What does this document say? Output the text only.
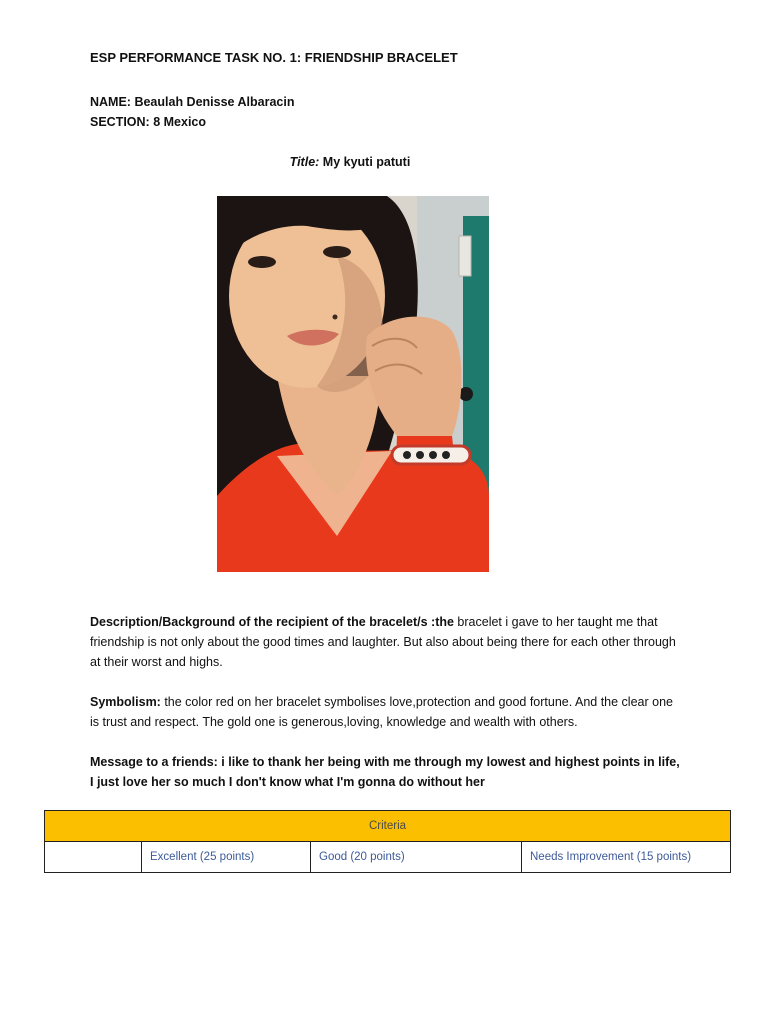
ESP PERFORMANCE TASK NO. 1: FRIENDSHIP BRACELET
NAME: Beaulah Denisse Albaracin
SECTION: 8 Mexico
Title: My kyuti patuti
Description/Background of the recipient of the bracelet/s :the bracelet i gave to her taught me that friendship is not only about the good times and laughter. But also about being there for each other through at their worst and highs.
Symbolism: the color red on her bracelet symbolises love,protection and good fortune. And the clear one is trust and respect. The gold one is generous,loving, knowledge and wealth with others.
Message to a friends: i like to thank her being with me through my lowest and highest points in life, I just love her so much I don't know what I'm gonna do without her
Criteria
	Excellent (25 points)	Good (20 points)	Needs Improvement (15 points)
